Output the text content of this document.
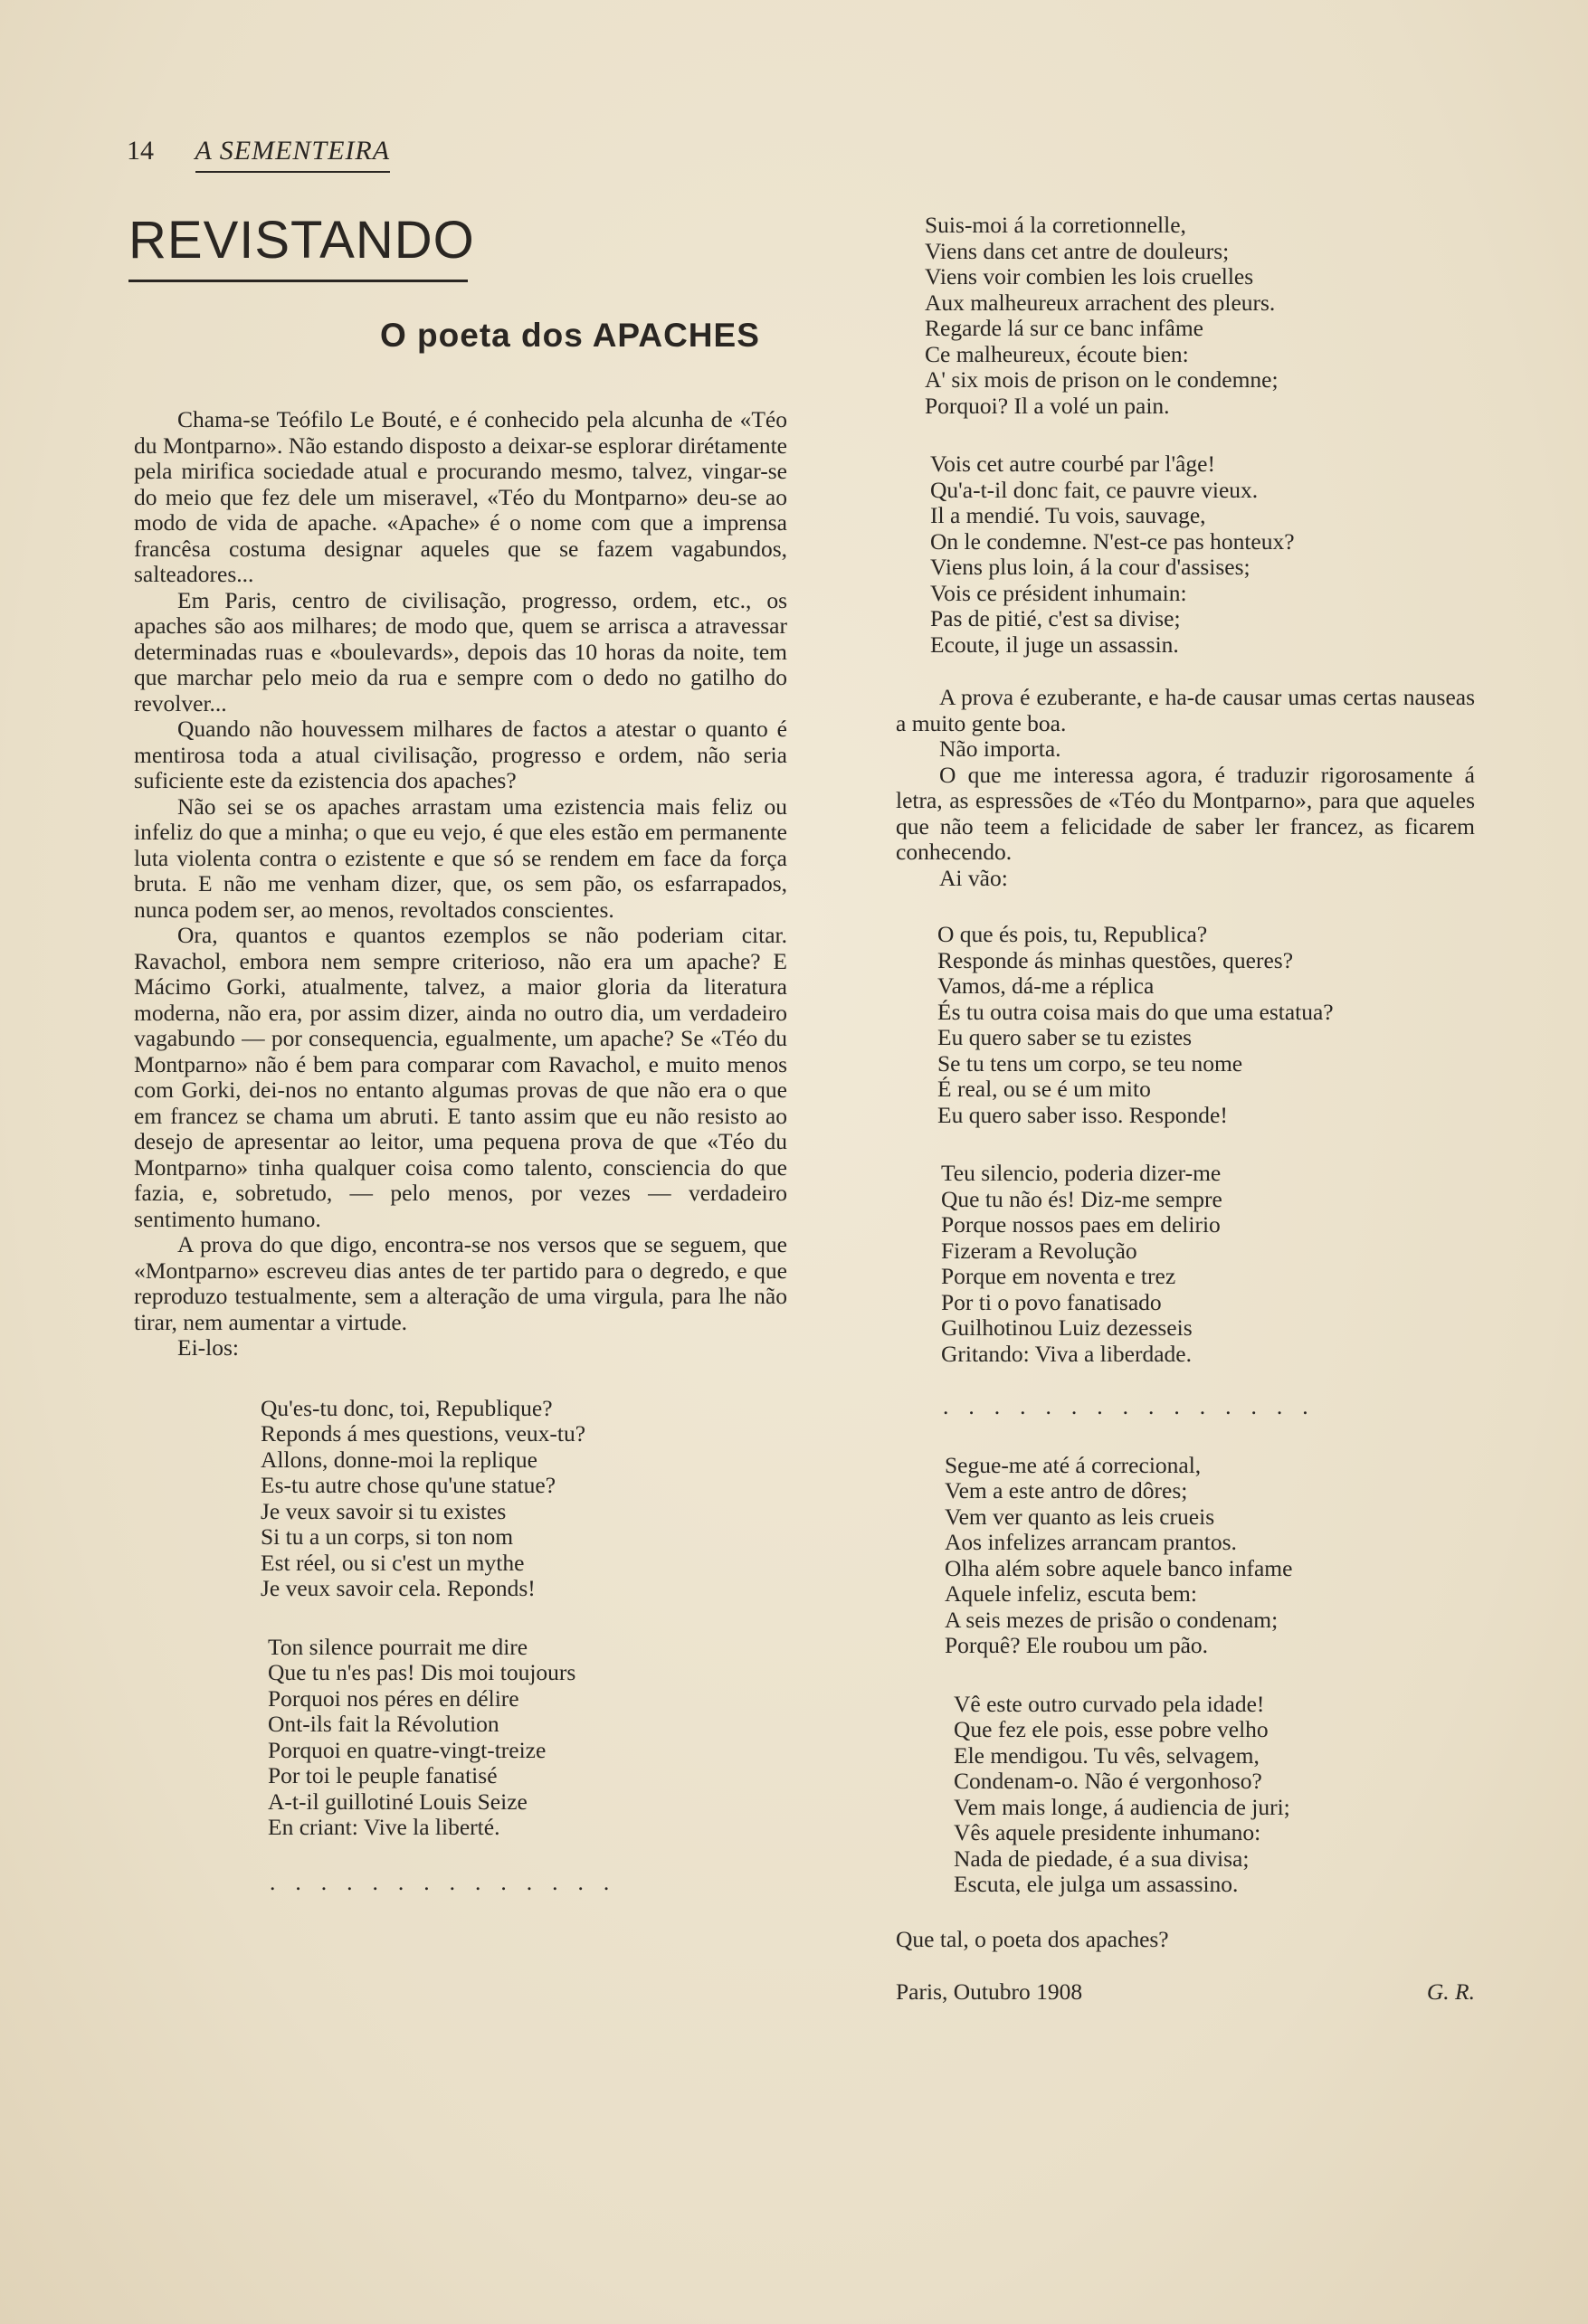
14 A SEMENTEIRA
REVISTANDO
O poeta dos APACHES

Chama-se Teófilo Le Bouté, e é conhecido pela alcunha de «Téo du Montparno». Não estando disposto a deixar-se esplorar dirétamente pela mirifica sociedade atual e procurando mesmo, talvez, vingar-se do meio que fez dele um miseravel, «Téo du Montparno» deu-se ao modo de vida de apache. «Apache» é o nome com que a imprensa francêsa costuma designar aqueles que se fazem vagabundos, salteadores...

Em Paris, centro de civilisação, progresso, ordem, etc., os apaches são aos milhares; de modo que, quem se arrisca a atravessar determinadas ruas e «boulevards», depois das 10 horas da noite, tem que marchar pelo meio da rua e sempre com o dedo no gatilho do revolver...

Quando não houvessem milhares de factos a atestar o quanto é mentirosa toda a atual civilisação, progresso e ordem, não seria suficiente este da ezistencia dos apaches?

Não sei se os apaches arrastam uma ezistencia mais feliz ou infeliz do que a minha; o que eu vejo, é que eles estão em permanente luta violenta contra o ezistente e que só se rendem em face da força bruta. E não me venham dizer, que, os sem pão, os esfarrapados, nunca podem ser, ao menos, revoltados conscientes.

Ora, quantos e quantos ezemplos se não poderiam citar. Ravachol, embora nem sempre criterioso, não era um apache? E Mácimo Gorki, atualmente, talvez, a maior gloria da literatura moderna, não era, por assim dizer, ainda no outro dia, um verdadeiro vagabundo — por consequencia, egualmente, um apache? Se «Téo du Montparno» não é bem para comparar com Ravachol, e muito menos com Gorki, dei-nos no entanto algumas provas de que não era o que em francez se chama um abruti. E tanto assim que eu não resisto ao desejo de apresentar ao leitor, uma pequena prova de que «Téo du Montparno» tinha qualquer coisa como talento, consciencia do que fazia, e, sobretudo, — pelo menos, por vezes — verdadeiro sentimento humano.

A prova do que digo, encontra-se nos versos que se seguem, que «Montparno» escreveu dias antes de ter partido para o degredo, e que reproduzo testualmente, sem a alteração de uma virgula, para lhe não tirar, nem aumentar a virtude.

Ei-los:

Qu'es-tu donc, toi, Republique?
Reponds á mes questions, veux-tu?
Allons, donne-moi la replique
Es-tu autre chose qu'une statue?
Je veux savoir si tu existes
Si tu a un corps, si ton nom
Est réel, ou si c'est un mythe
Je veux savoir cela. Reponds!
Ton silence pourrait me dire
Que tu n'es pas! Dis moi toujours
Porquoi nos péres en délire
Ont-ils fait la Révolution
Porquoi en quatre-vingt-treize
Por toi le peuple fanatisé
A-t-il guillotiné Louis Seize
En criant: Vive la liberté.
..............
Suis-moi á la corretionnelle,
Viens dans cet antre de douleurs;
Viens voir combien les lois cruelles
Aux malheureux arrachent des pleurs.
Regarde lá sur ce banc infâme
Ce malheureux, écoute bien:
A' six mois de prison on le condemne;
Porquoi? Il a volé un pain.
Vois cet autre courbé par l'âge!
Qu'a-t-il donc fait, ce pauvre vieux.
Il a mendié. Tu vois, sauvage,
On le condemne. N'est-ce pas honteux?
Viens plus loin, á la cour d'assises;
Vois ce président inhumain:
Pas de pitié, c'est sa divise;
Ecoute, il juge un assassin.

A prova é ezuberante, e ha-de causar umas certas nauseas a muito gente boa.

Não importa.

O que me interessa agora, é traduzir rigorosamente á letra, as espressões de «Téo du Montparno», para que aqueles que não teem a felicidade de saber ler francez, as ficarem conhecendo.

Ai vão:

O que és pois, tu, Republica?
Responde ás minhas questões, queres?
Vamos, dá-me a réplica
És tu outra coisa mais do que uma estatua?
Eu quero saber se tu ezistes
Se tu tens um corpo, se teu nome
É real, ou se é um mito
Eu quero saber isso. Responde!
Teu silencio, poderia dizer-me
Que tu não és! Diz-me sempre
Porque nossos paes em delirio
Fizeram a Revolução
Porque em noventa e trez
Por ti o povo fanatisado
Guilhotinou Luiz dezesseis
Gritando: Viva a liberdade.
...............
Segue-me até á correcional,
Vem a este antro de dôres;
Vem ver quanto as leis crueis
Aos infelizes arrancam prantos.
Olha além sobre aquele banco infame
Aquele infeliz, escuta bem:
A seis mezes de prisão o condenam;
Porquê? Ele roubou um pão.
Vê este outro curvado pela idade!
Que fez ele pois, esse pobre velho
Ele mendigou. Tu vês, selvagem,
Condenam-o. Não é vergonhoso?
Vem mais longe, á audiencia de juri;
Vês aquele presidente inhumano:
Nada de piedade, é a sua divisa;
Escuta, ele julga um assassino.
Que tal, o poeta dos apaches?
Paris, Outubro 1908	G. R.
